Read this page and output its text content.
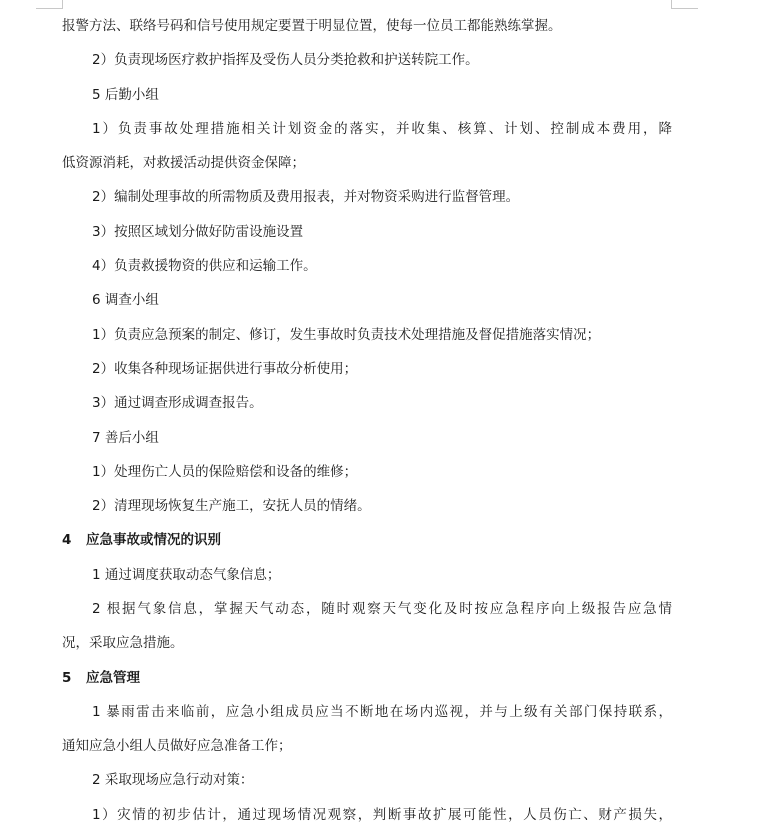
报警方法、联络号码和信号使用规定要置于明显位置，使每一位员工都能熟练掌握。
2）负责现场医疗救护指挥及受伤人员分类抢救和护送转院工作。
5 后勤小组
1）负责事故处理措施相关计划资金的落实，并收集、核算、计划、控制成本费用，降
低资源消耗，对救援活动提供资金保障；
2）编制处理事故的所需物质及费用报表，并对物资采购进行监督管理。
3）按照区域划分做好防雷设施设置
4）负责救援物资的供应和运输工作。
6 调查小组
1）负责应急预案的制定、修订，发生事故时负责技术处理措施及督促措施落实情况；
2）收集各种现场证据供进行事故分析使用；
3）通过调查形成调查报告。
7 善后小组
1）处理伤亡人员的保险赔偿和设备的维修；
2）清理现场恢复生产施工，安抚人员的情绪。
4 应急事故或情况的识别
1 通过调度获取动态气象信息；
2 根据气象信息，掌握天气动态，随时观察天气变化及时按应急程序向上级报告应急情
况，采取应急措施。
5 应急管理
1 暴雨雷击来临前，应急小组成员应当不断地在场内巡视，并与上级有关部门保持联系，
通知应急小组人员做好应急准备工作；
2 采取现场应急行动对策：
1）灾情的初步估计，通过现场情况观察，判断事故扩展可能性，人员伤亡、财产损失，
